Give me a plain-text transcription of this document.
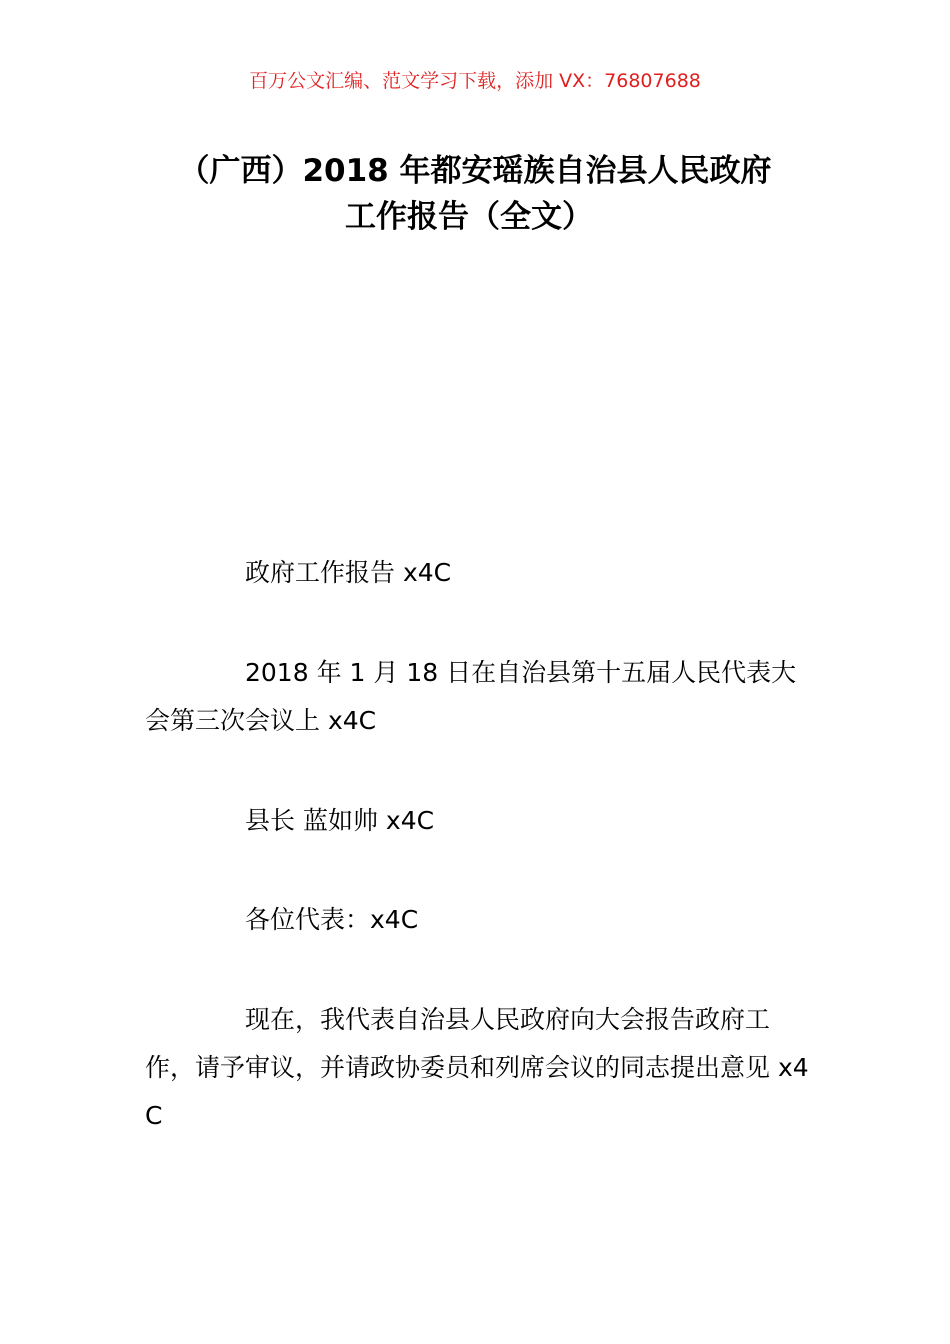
百万公文汇编、范文学习下载，添加 VX：76807688
（广西）2018 年都安瑶族自治县人民政府
工作报告（全文）
政府工作报告 x4C
2018 年 1 月 18 日在自治县第十五届人民代表大会第三次会议上 x4C
县长 蓝如帅 x4C
各位代表：x4C
现在，我代表自治县人民政府向大会报告政府工作，请予审议，并请政协委员和列席会议的同志提出意见 x4C
